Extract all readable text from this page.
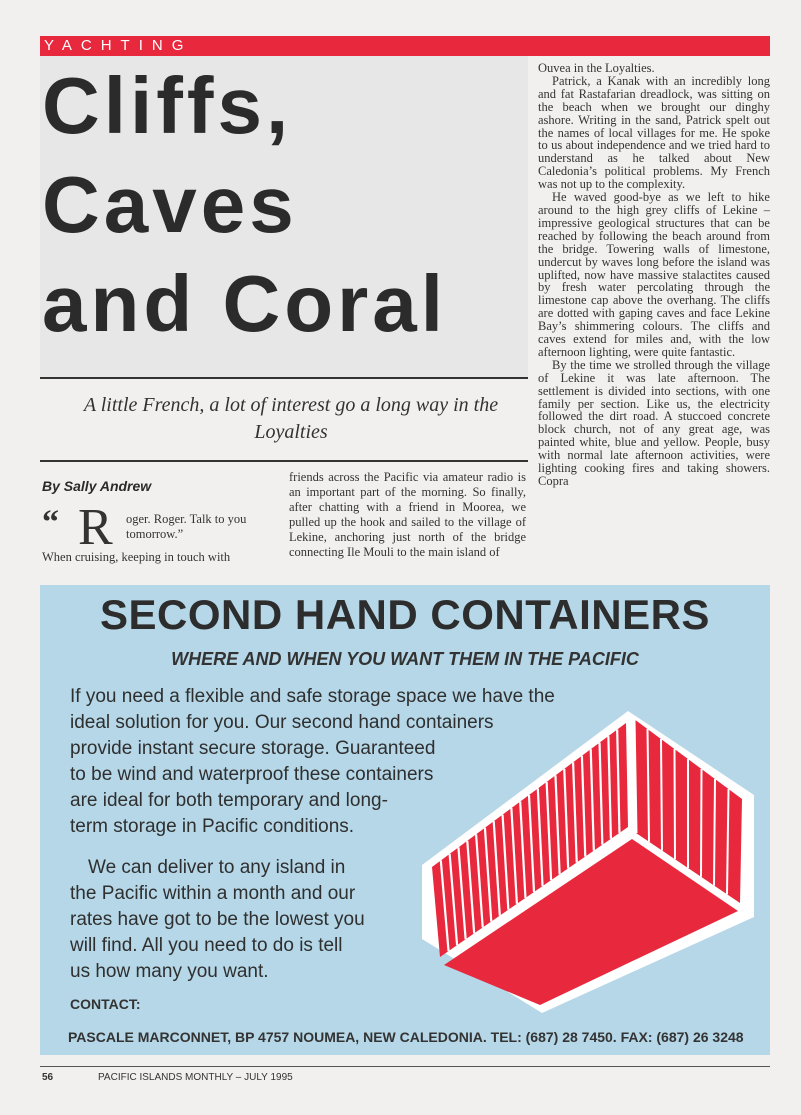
YACHTING
Cliffs,
Caves
and Coral
A little French, a lot of interest go a long way in the Loyalties
By Sally Andrew
“ R oger. Roger. Talk to you tomorrow.”
When cruising, keeping in touch with
friends across the Pacific via amateur radio is an important part of the morning. So finally, after chatting with a friend in Moorea, we pulled up the hook and sailed to the village of Lekine, anchoring just north of the bridge connecting Ile Mouli to the main island of

Ouvea in the Loyalties.

Patrick, a Kanak with an incredibly long and fat Rastafarian dreadlock, was sitting on the beach when we brought our dinghy ashore. Writing in the sand, Patrick spelt out the names of local villages for me. He spoke to us about independence and we tried hard to understand as he talked about New Caledonia’s political problems. My French was not up to the complexity.

He waved good-bye as we left to hike around to the high grey cliffs of Lekine – impressive geological structures that can be reached by following the beach around from the bridge. Towering walls of limestone, undercut by waves long before the island was uplifted, now have massive stalactites caused by fresh water percolating through the limestone cap above the overhang. The cliffs are dotted with gaping caves and face Lekine Bay’s shimmering colours. The cliffs and caves extend for miles and, with the low afternoon lighting, were quite fantastic.

By the time we strolled through the village of Lekine it was late afternoon. The settlement is divided into sections, with one family per section. Like us, the electricity followed the dirt road. A stuccoed concrete block church, not of any great age, was painted white, blue and yellow. People, busy with normal late afternoon activities, were lighting cooking fires and taking showers. Copra

SECOND HAND CONTAINERS
WHERE AND WHEN YOU WANT THEM IN THE PACIFIC
If you need a flexible and safe storage space we have the
ideal solution for you. Our second hand containers
provide instant secure storage. Guaranteed
to be wind and waterproof these containers
are ideal for both temporary and long-
term storage in Pacific conditions.
We can deliver to any island in
the Pacific within a month and our
rates have got to be the lowest you
will find. All you need to do is tell
us how many you want.
CONTACT:
PASCALE MARCONNET, BP 4757 NOUMEA, NEW CALEDONIA. TEL: (687) 28 7450. FAX: (687) 26 3248
56	PACIFIC ISLANDS MONTHLY – JULY 1995
